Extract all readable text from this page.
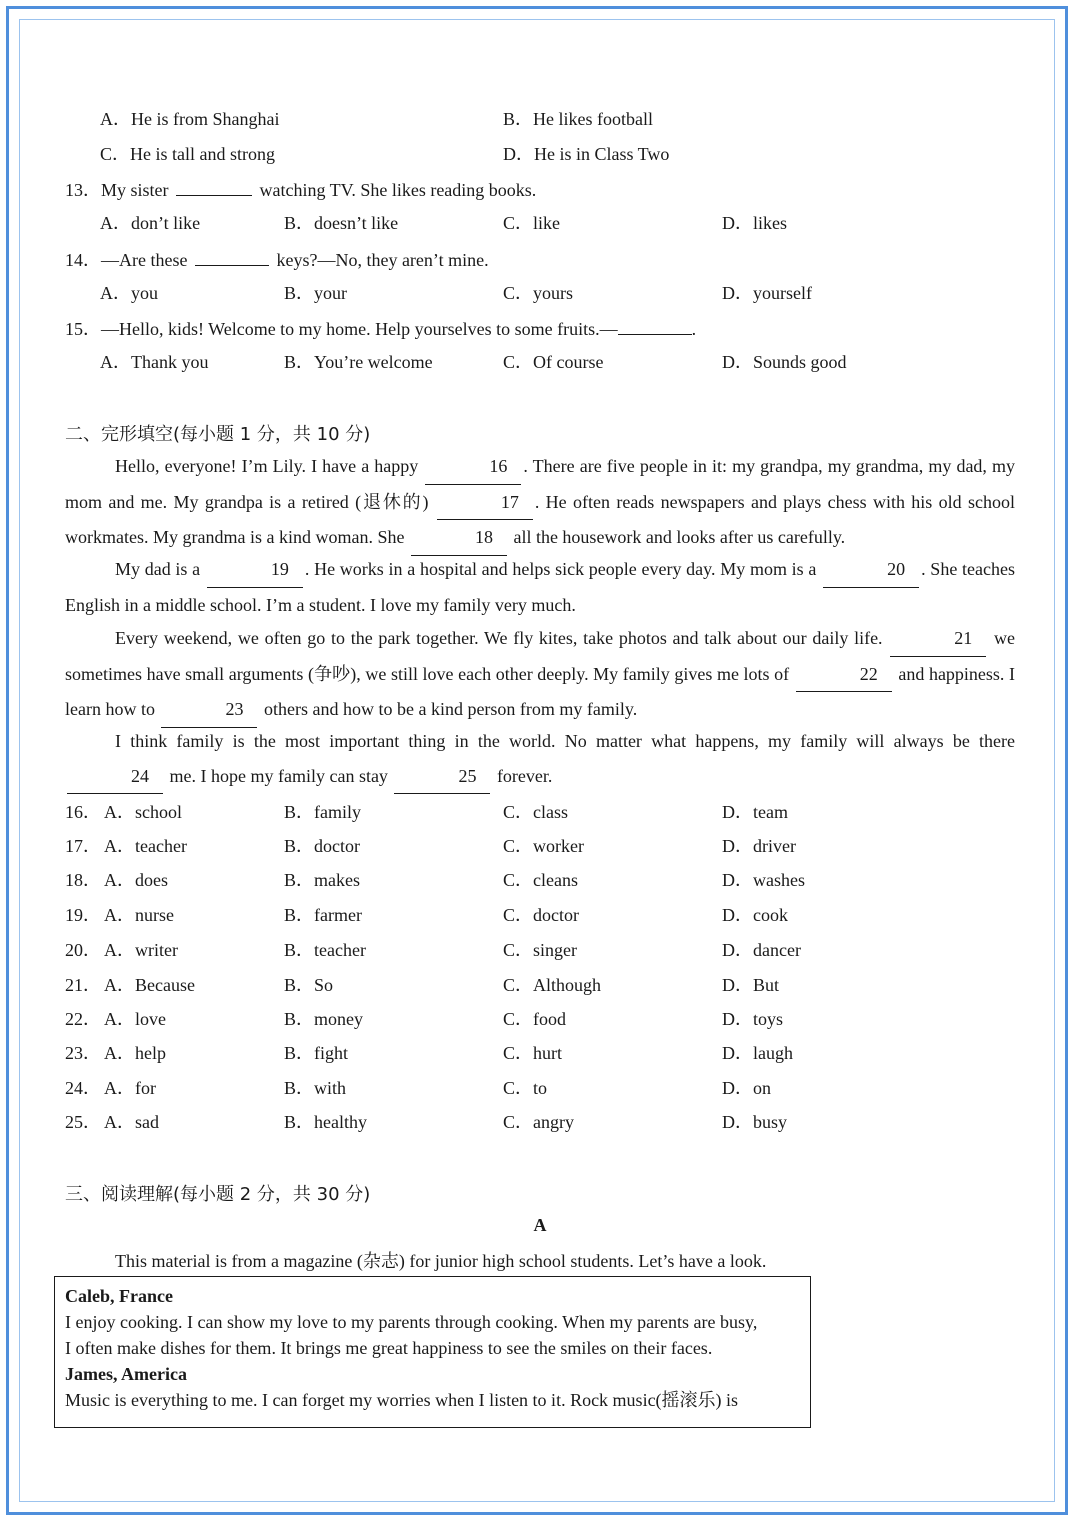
A．He is from Shanghai	B．He likes football
C．He is tall and strong	D．He is in Class Two
13．My sister	watching TV. She likes reading books.
A．don’t like	B．doesn’t like	C．like	D．likes
14．—Are these	keys?—No, they aren’t mine.
A．you	B．your	C．yours	D．yourself
15．—Hello, kids! Welcome to my home. Help yourselves to some fruits.—	.
A．Thank you	B．You’re welcome	C．Of course	D．Sounds good
二、完形填空(每小题 1 分，共 10 分)
Hello, everyone! I’m Lily. I have a happy	16 . There are five people in it: my grandpa, my grandma, my dad, my mom and me. My grandpa is a retired (退休的)	17 . He often reads newspapers and plays chess with his old school workmates. My grandma is a kind woman. She	18 all the housework and looks after us carefully.
My dad is a	19 . He works in a hospital and helps sick people every day. My mom is a	20 . She teaches English in a middle school. I’m a student. I love my family very much.
Every weekend, we often go to the park together. We fly kites, take photos and talk about our daily life.	21 we sometimes have small arguments (争吵), we still love each other deeply. My family gives me lots of	22 and happiness. I learn how to	23 others and how to be a kind person from my family.
I think family is the most important thing in the world. No matter what happens, my family will always be there 24 me. I hope my family can stay	25 forever.
16． A．school	B．family	C．class	D．team
17． A．teacher	B．doctor	C．worker	D．driver
18． A．does	B．makes	C．cleans	D．washes
19． A．nurse	B．farmer	C．doctor	D．cook
20． A．writer	B．teacher	C．singer	D．dancer
21． A．Because	B．So	C．Although	D．But
22． A．love	B．money	C．food	D．toys
23． A．help	B．fight	C．hurt	D．laugh
24． A．for	B．with	C．to	D．on
25． A．sad	B．healthy	C．angry	D．busy
三、阅读理解(每小题 2 分，共 30 分)
A
This material is from a magazine (杂志) for junior high school students. Let’s have a look.
Caleb, France
I enjoy cooking. I can show my love to my parents through cooking. When my parents are busy,
I often make dishes for them. It brings me great happiness to see the smiles on their faces.
James, America
Music is everything to me. I can forget my worries when I listen to it. Rock music(摇滚乐) is
